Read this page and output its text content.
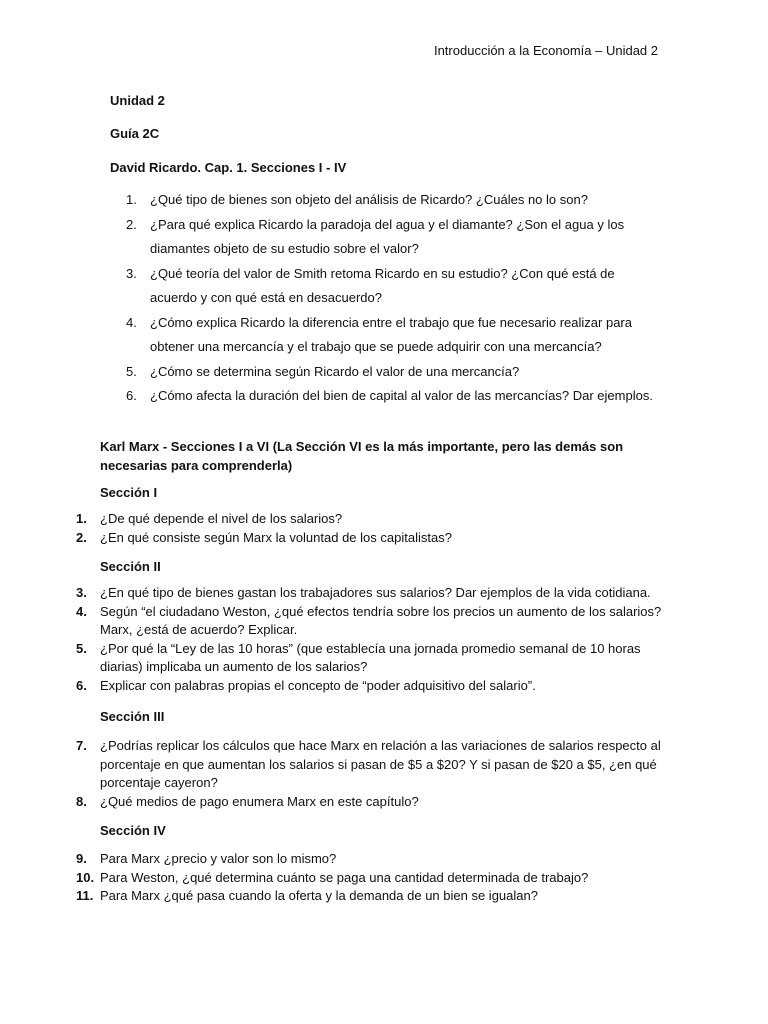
Introducción a la Economía – Unidad 2

Unidad 2

Guía 2C

David Ricardo. Cap. 1. Secciones I - IV

1. ¿Qué tipo de bienes son objeto del análisis de Ricardo? ¿Cuáles no lo son?
2. ¿Para qué explica Ricardo la paradoja del agua y el diamante? ¿Son el agua y los diamantes objeto de su estudio sobre el valor?
3. ¿Qué teoría del valor de Smith retoma Ricardo en su estudio? ¿Con qué está de acuerdo y con qué está en desacuerdo?
4. ¿Cómo explica Ricardo la diferencia entre el trabajo que fue necesario realizar para obtener una mercancía y el trabajo que se puede adquirir con una mercancía?
5. ¿Cómo se determina según Ricardo el valor de una mercancía?
6. ¿Cómo afecta la duración del bien de capital al valor de las mercancías? Dar ejemplos.

Karl Marx - Secciones I a VI (La Sección VI es la más importante, pero las demás son necesarias para comprenderla)

Sección I

1.	¿De qué depende el nivel de los salarios?
2.	¿En qué consiste según Marx la voluntad de los capitalistas?

Sección II

3.	¿En qué tipo de bienes gastan los trabajadores sus salarios? Dar ejemplos de la vida cotidiana.
4.	Según “el ciudadano Weston, ¿qué efectos tendría sobre los precios un aumento de los salarios? Marx, ¿está de acuerdo? Explicar.
5.	¿Por qué la “Ley de las 10 horas” (que establecía una jornada promedio semanal de 10 horas diarias) implicaba un aumento de los salarios?
6.	Explicar con palabras propias el concepto de “poder adquisitivo del salario”.

Sección III

7.	¿Podrías replicar los cálculos que hace Marx en relación a las variaciones de salarios respecto al porcentaje en que aumentan los salarios si pasan de $5 a $20? Y si pasan de $20 a $5, ¿en qué porcentaje cayeron?
8.	¿Qué medios de pago enumera Marx en este capítulo?

Sección IV

9.	Para Marx ¿precio y valor son lo mismo?
10. Para Weston, ¿qué determina cuánto se paga una cantidad determinada de trabajo?
11. Para Marx ¿qué pasa cuando la oferta y la demanda de un bien se igualan?
